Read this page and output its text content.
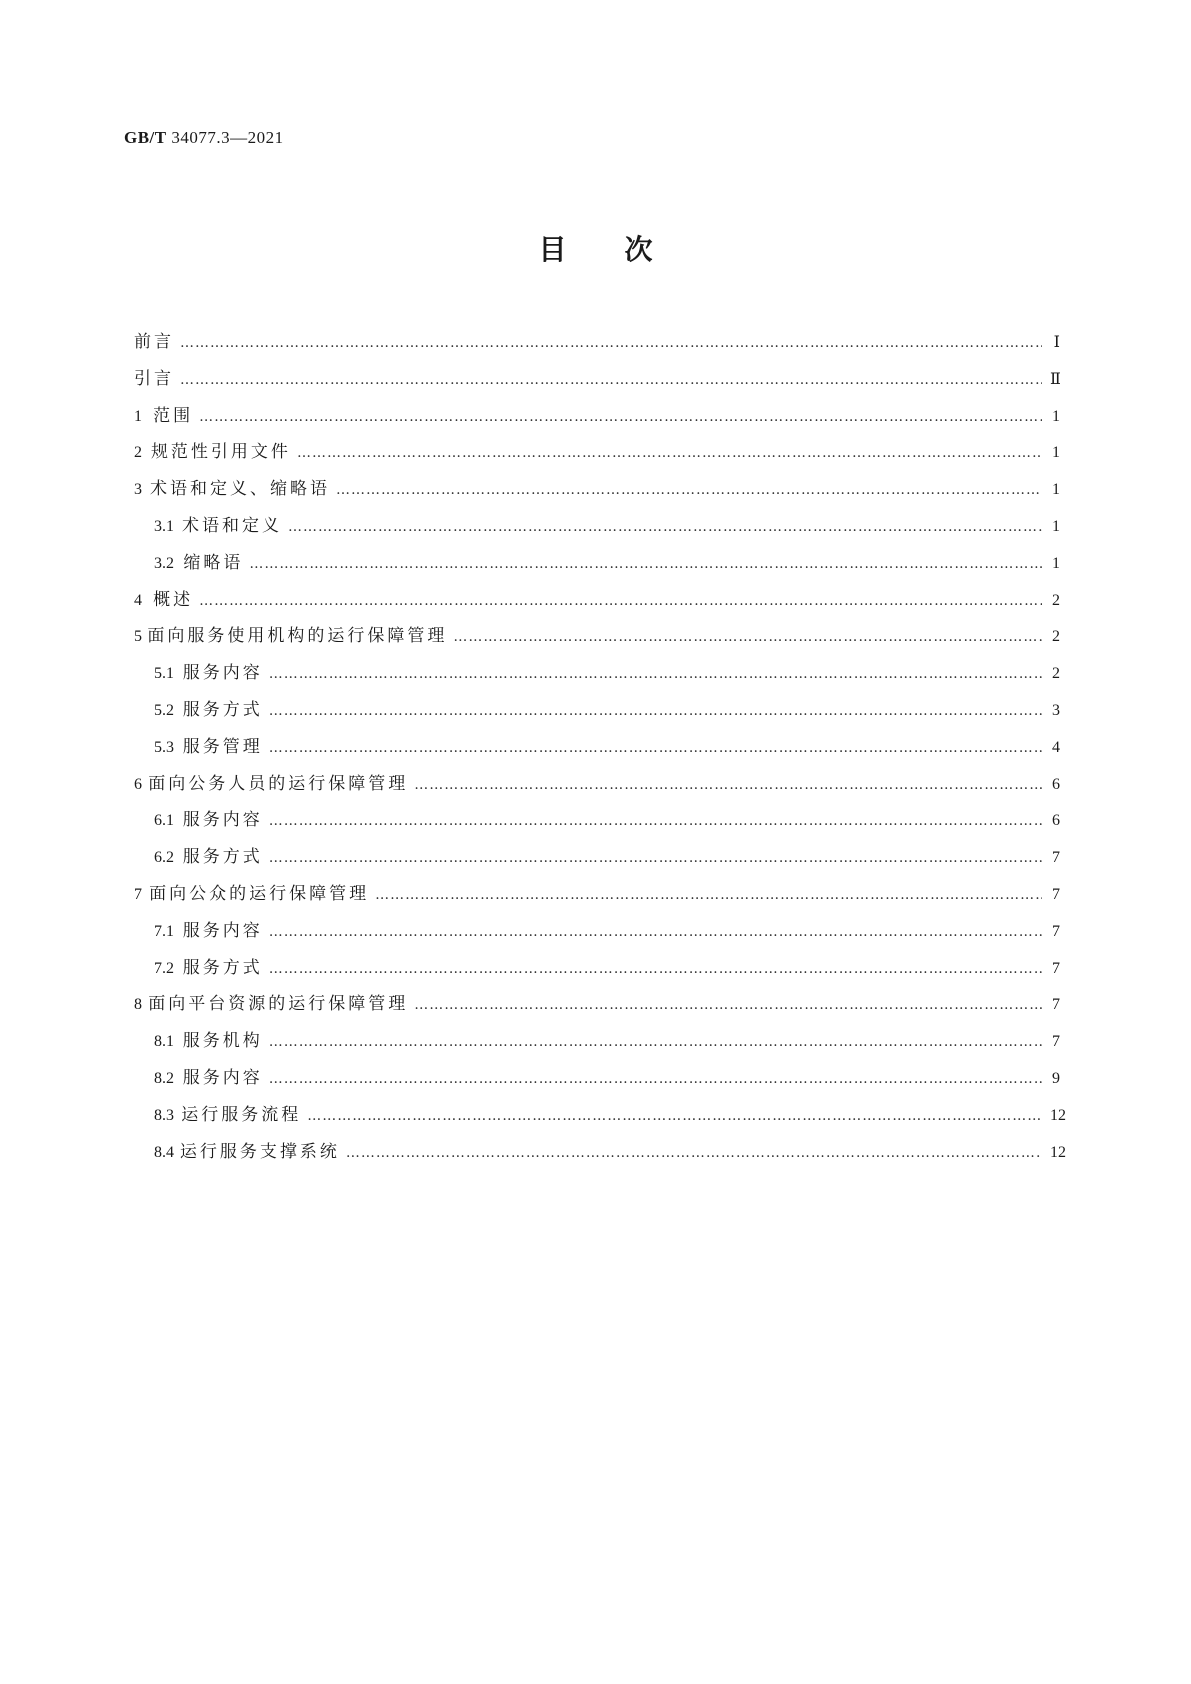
GB/T 34077.3—2021
目次
前言 …………………………………………………………………………………………………………………………………………………………………………………………………………………………………………	Ⅰ
引言 …………………………………………………………………………………………………………………………………………………………………………………………………………………………………………	Ⅱ
1 范围 …………………………………………………………………………………………………………………………………………………………………………………………………………………………………………	1
2 规范性引用文件 …………………………………………………………………………………………………………………………………………………………………………………………………………………………………………	1
3 术语和定义、缩略语 …………………………………………………………………………………………………………………………………………………………………………………………………………………………………………	1
3.1 术语和定义 …………………………………………………………………………………………………………………………………………………………………………………………………………………………………………	1
3.2 缩略语 …………………………………………………………………………………………………………………………………………………………………………………………………………………………………………	1
4 概述 …………………………………………………………………………………………………………………………………………………………………………………………………………………………………………	2
5 面向服务使用机构的运行保障管理 …………………………………………………………………………………………………………………………………………………………………………………………………………………………………………	2
5.1 服务内容 …………………………………………………………………………………………………………………………………………………………………………………………………………………………………………	2
5.2 服务方式 …………………………………………………………………………………………………………………………………………………………………………………………………………………………………………	3
5.3 服务管理 …………………………………………………………………………………………………………………………………………………………………………………………………………………………………………	4
6 面向公务人员的运行保障管理 …………………………………………………………………………………………………………………………………………………………………………………………………………………………………………	6
6.1 服务内容 …………………………………………………………………………………………………………………………………………………………………………………………………………………………………………	6
6.2 服务方式 …………………………………………………………………………………………………………………………………………………………………………………………………………………………………………	7
7 面向公众的运行保障管理 …………………………………………………………………………………………………………………………………………………………………………………………………………………………………………	7
7.1 服务内容 …………………………………………………………………………………………………………………………………………………………………………………………………………………………………………	7
7.2 服务方式 …………………………………………………………………………………………………………………………………………………………………………………………………………………………………………	7
8 面向平台资源的运行保障管理 …………………………………………………………………………………………………………………………………………………………………………………………………………………………………………	7
8.1 服务机构 …………………………………………………………………………………………………………………………………………………………………………………………………………………………………………	7
8.2 服务内容 …………………………………………………………………………………………………………………………………………………………………………………………………………………………………………	9
8.3 运行服务流程 …………………………………………………………………………………………………………………………………………………………………………………………………………………………………………	12
8.4 运行服务支撑系统 …………………………………………………………………………………………………………………………………………………………………………………………………………………………………………	12
